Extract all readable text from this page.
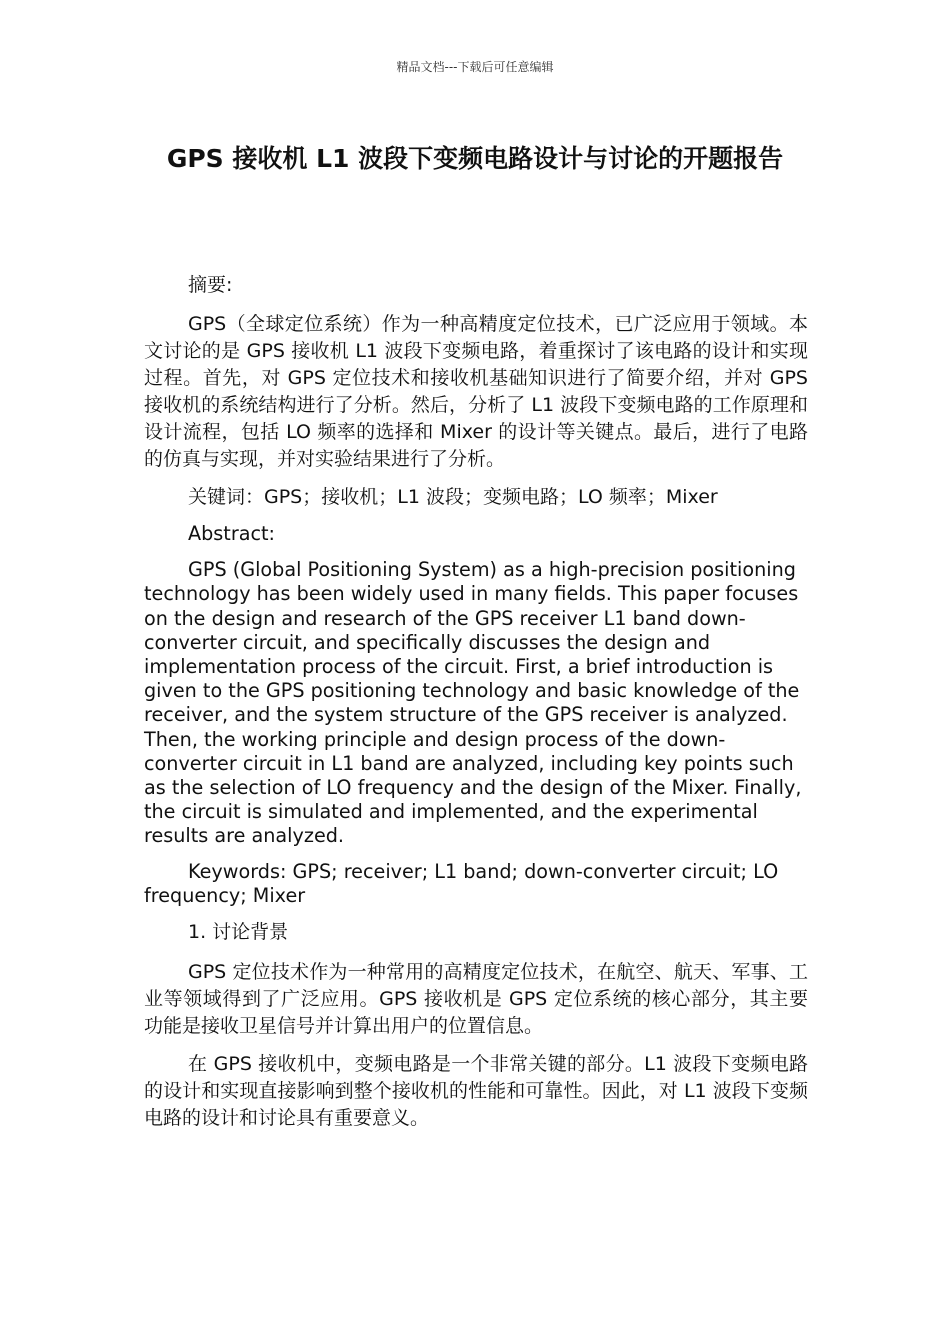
精品文档---下载后可任意编辑
GPS 接收机 L1 波段下变频电路设计与讨论的开题报告

摘要:

GPS（全球定位系统）作为一种高精度定位技术，已广泛应用于领域。本文讨论的是 GPS 接收机 L1 波段下变频电路，着重探讨了该电路的设计和实现过程。首先，对 GPS 定位技术和接收机基础知识进行了简要介绍，并对 GPS 接收机的系统结构进行了分析。然后，分析了 L1 波段下变频电路的工作原理和设计流程，包括 LO 频率的选择和 Mixer 的设计等关键点。最后，进行了电路的仿真与实现，并对实验结果进行了分析。

关键词：GPS；接收机；L1 波段；变频电路；LO 频率；Mixer

Abstract:

GPS (Global Positioning System) as a high-precision positioning technology has been widely used in many fields. This paper focuses on the design and research of the GPS receiver L1 band down-converter circuit, and specifically discusses the design and implementation process of the circuit. First, a brief introduction is given to the GPS positioning technology and basic knowledge of the receiver, and the system structure of the GPS receiver is analyzed. Then, the working principle and design process of the down-converter circuit in L1 band are analyzed, including key points such as the selection of LO frequency and the design of the Mixer. Finally, the circuit is simulated and implemented, and the experimental results are analyzed.

Keywords: GPS; receiver; L1 band; down-converter circuit; LO frequency; Mixer

1. 讨论背景

GPS 定位技术作为一种常用的高精度定位技术，在航空、航天、军事、工业等领域得到了广泛应用。GPS 接收机是 GPS 定位系统的核心部分，其主要功能是接收卫星信号并计算出用户的位置信息。

在 GPS 接收机中，变频电路是一个非常关键的部分。L1 波段下变频电路的设计和实现直接影响到整个接收机的性能和可靠性。因此，对 L1 波段下变频电路的设计和讨论具有重要意义。
